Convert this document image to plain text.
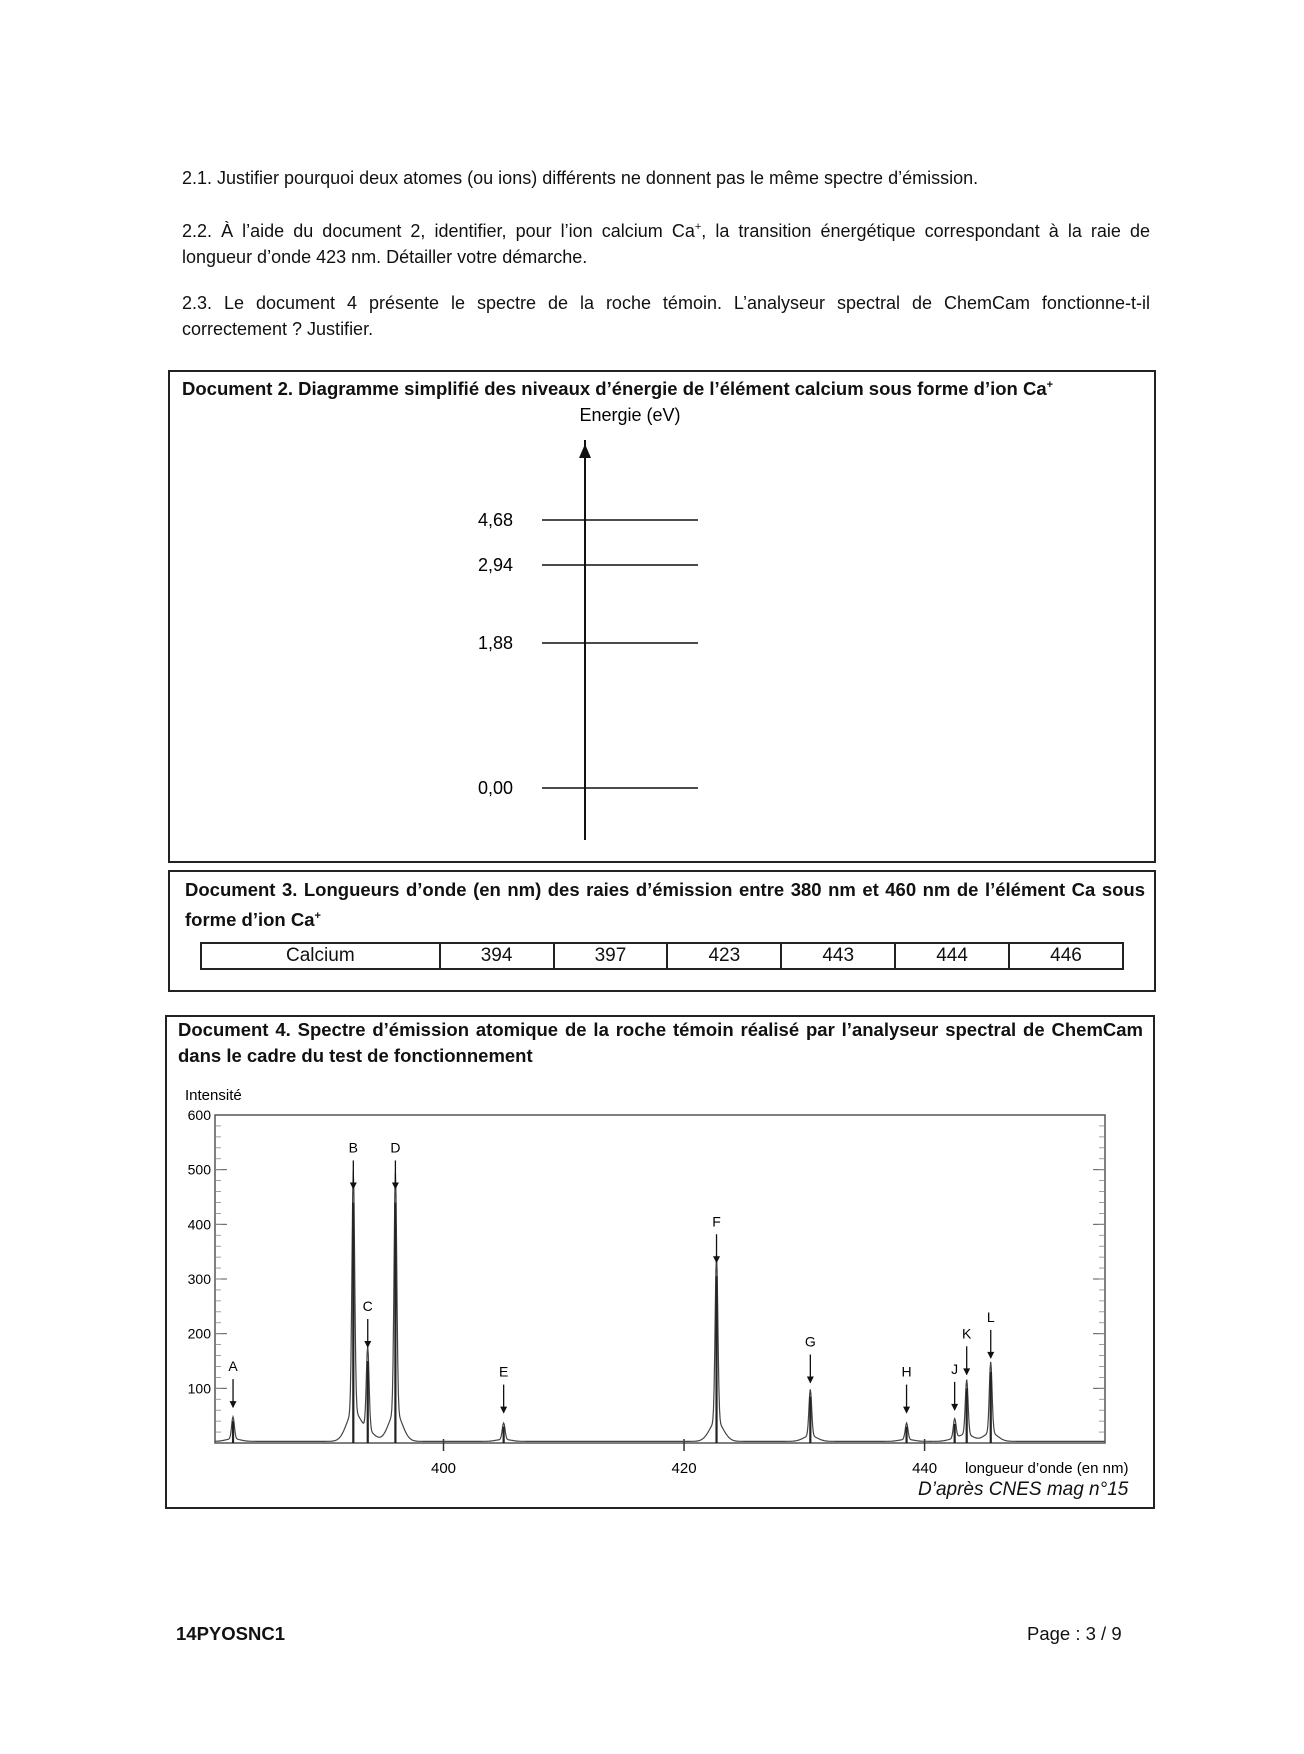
2.1. Justifier pourquoi deux atomes (ou ions) différents ne donnent pas le même spectre d’émission.

2.2. À l’aide du document 2, identifier, pour l’ion calcium Ca+, la transition énergétique correspondant à la raie de longueur d’onde 423 nm. Détailler votre démarche.

2.3. Le document 4 présente le spectre de la roche témoin. L’analyseur spectral de ChemCam fonctionne-t-il correctement ? Justifier.

Document 2. Diagramme simplifié des niveaux d’énergie de l’élément calcium sous forme d’ion Ca+

Energie (eV)
4,68
2,94
1,88
0,00

Document 3. Longueurs d’onde (en nm) des raies d’émission entre 380 nm et 460 nm de l’élément Ca sous forme d’ion Ca+

Calcium	394	397	423	443	444	446

Document 4. Spectre d’émission atomique de la roche témoin réalisé par l’analyseur spectral de ChemCam dans le cadre du test de fonctionnement

Intensité
100
200
300
400
500
600
400	420	440
A
B
C
D
E
F
G
H	J
K
L
longueur d’onde (en nm)
D’après CNES mag n°15
14PYOSNC1	Page : 3 / 9
